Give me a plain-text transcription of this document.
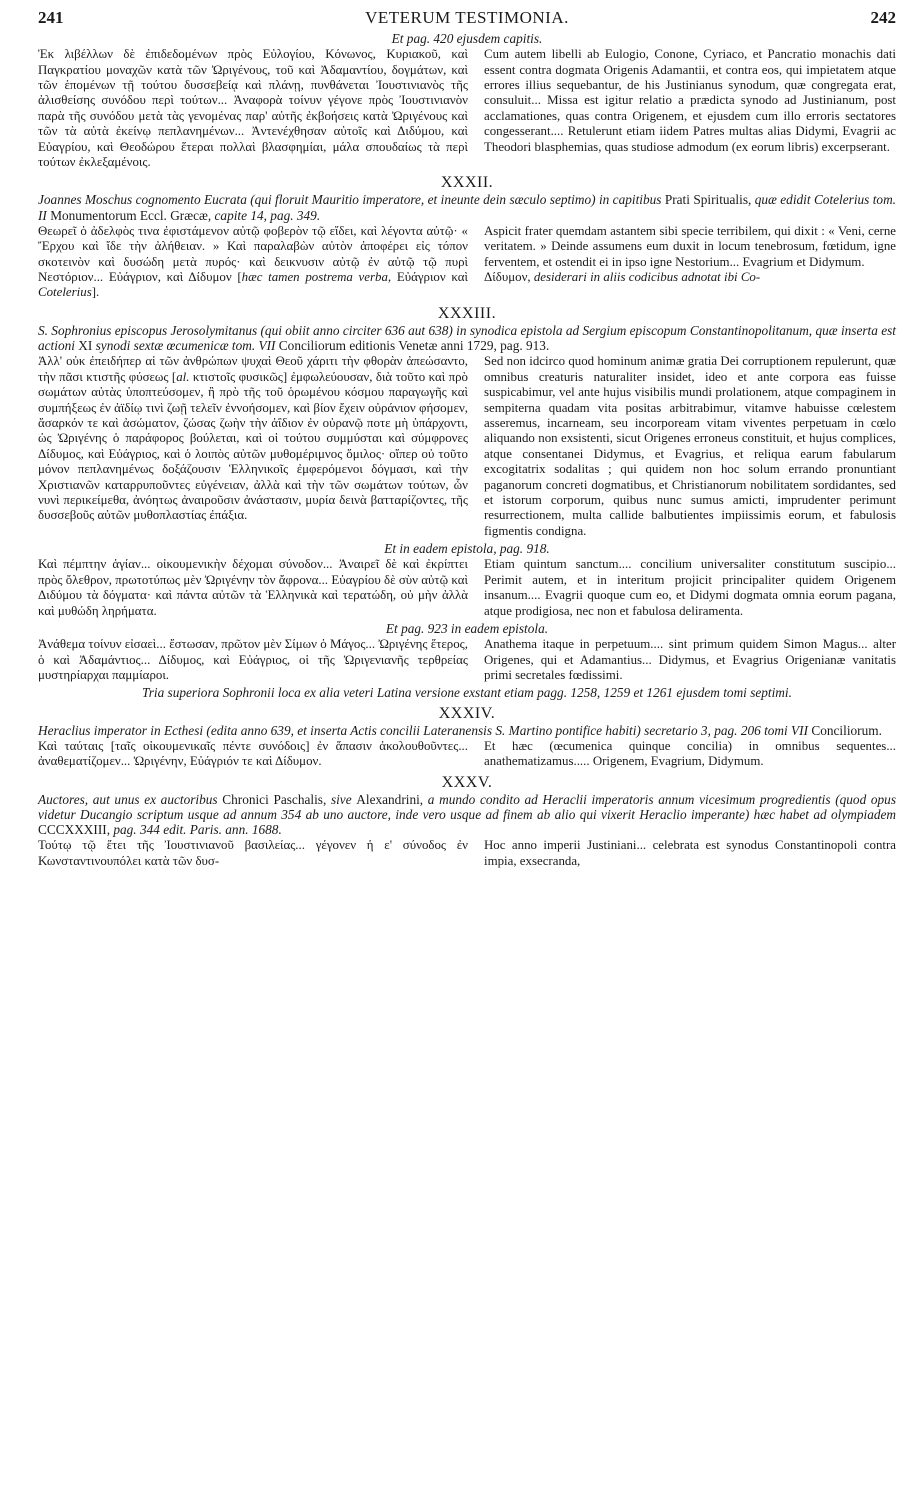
241	VETERUM TESTIMONIA.	242

Et pag. 420 ejusdem capitis.

Ἐκ λιβέλλων δὲ ἐπιδεδομένων πρὸς Εὐλογίου, Κόνωνος, Κυριακοῦ, καὶ Παγκρατίου μοναχῶν κατὰ τῶν Ὠριγένους, τοῦ καὶ Ἀδαμαντίου, δογμάτων, καὶ τῶν ἑπομένων τῇ τούτου δυσσεβείᾳ καὶ πλάνῃ, πυνθάνεται Ἰουστινιανὸς τῆς ἀλισθείσης συνόδου περὶ τούτων... Ἀναφορὰ τοίνυν γέγονε πρὸς Ἰουστινιανὸν παρὰ τῆς συνόδου μετὰ τὰς γενομένας παρ' αὐτῆς ἐκβοήσεις κατὰ Ὠριγένους καὶ τῶν τὰ αὐτὰ ἐκείνῳ πεπλανημένων... Ἀντενέχθησαν αὐτοῖς καὶ Διδύμου, καὶ Εὐαγρίου, καὶ Θεοδώρου ἕτεραι πολλαὶ βλασφημίαι, μάλα σπουδαίως τὰ περὶ τούτων ἐκλεξαμένοις.
Cum autem libelli ab Eulogio, Conone, Cyriaco, et Pancratio monachis dati essent contra dogmata Origenis Adamantii, et contra eos, qui impietatem atque errores illius sequebantur, de his Justinianus synodum, quæ congregata erat, consuluit... Missa est igitur relatio a prædicta synodo ad Justinianum, post acclamationes, quas contra Origenem, et ejusdem cum illo erroris sectatores congesserant.... Retulerunt etiam iidem Patres multas alias Didymi, Evagrii ac Theodori blasphemias, quas studiose admodum (ex eorum libris) excerpserant.
XXXII.

Joannes Moschus cognomento Eucrata (qui floruit Mauritio imperatore, et ineunte dein sæculo septimo) in capitibus Prati Spiritualis, quæ edidit Cotelerius tom. II Monumentorum Eccl. Græcæ, capite 14, pag. 349.

Θεωρεῖ ὁ ἀδελφὸς τινα ἐφιστάμενον αὐτῷ φοβερὸν τῷ εἴδει, καὶ λέγοντα αὐτῷ· « Ἔρχου καὶ ἴδε τὴν ἀλήθειαν. » Καὶ παραλαβὼν αὐτὸν ἀποφέρει εἰς τόπον σκοτεινὸν καὶ δυσώδη μετὰ πυρός· καὶ δεικνυσιν αὐτῷ ἐν αὐτῷ τῷ πυρὶ Νεστόριον... Εὐάγριον, καὶ Δίδυμον [hæc tamen postrema verba, Εὐάγριον καὶ Cotelerius].
Aspicit frater quemdam astantem sibi specie terribilem, qui dixit : « Veni, cerne veritatem. » Deinde assumens eum duxit in locum tenebrosum, fœtidum, igne ferventem, et ostendit ei in ipso igne Nestorium... Evagrium et Didymum.
Δίδυμον, desiderari in aliis codicibus adnotat ibi Co-
XXXIII.

S. Sophronius episcopus Jerosolymitanus (qui obiit anno circiter 636 aut 638) in synodica epistola ad Sergium episcopum Constantinopolitanum, quæ inserta est actioni XI synodi sextæ œcumenicæ tom. VII Conciliorum editionis Venetæ anni 1729, pag. 913.

Ἀλλ' οὐκ ἐπειδήπερ αἱ τῶν ἀνθρώπων ψυχαὶ Θεοῦ χάριτι τὴν φθορὰν ἀπεώσαντο, τὴν πᾶσι κτιστῆς φύσεως [al. κτιστοῖς φυσικῶς] ἐμφωλεύουσαν, διὰ τοῦτο καὶ πρὸ σωμάτων αὐτὰς ὑποπτεύσομεν, ἢ πρὸ τῆς τοῦ ὁρωμένου κόσμου παραγωγῆς καὶ συμπήξεως ἐν ἀϊδίῳ τινὶ ζωῇ τελεῖν ἐννοήσομεν, καὶ βίον ἔχειν οὐράνιον φήσομεν, ἄσαρκόν τε καὶ ἀσώματον, ζώσας ζωὴν τὴν ἀΐδιον ἐν οὐρανῷ ποτε μὴ ὑπάρχοντι, ὡς Ὠριγένης ὁ παράφορος βούλεται, καὶ οἱ τούτου συμμύσται καὶ σύμφρονες Δίδυμος, καὶ Εὐάγριος, καὶ ὁ λοιπὸς αὐτῶν μυθομέριμνος ὅμιλος· οἵπερ οὐ τοῦτο μόνον πεπλανημένως δοξάζουσιν Ἑλληνικοῖς ἐμφερόμενοι δόγμασι, καὶ τὴν Χριστιανῶν καταρρυποῦντες εὐγένειαν, ἀλλὰ καὶ τὴν τῶν σωμάτων τούτων, ὧν νυνὶ περικείμεθα, ἀνόητως ἀναιροῦσιν ἀνάστασιν, μυρία δεινὰ βατταρίζοντες, τῆς δυσσεβοῦς αὐτῶν μυθοπλαστίας ἐπάξια.
Sed non idcirco quod hominum animæ gratia Dei corruptionem repulerunt, quæ omnibus creaturis naturaliter insidet, ideo et ante corpora eas fuisse suspicabimur, vel ante hujus visibilis mundi prolationem, atque compaginem in sempiterna quadam vita positas arbitrabimur, vitamve habuisse cœlestem asseremus, incarneam, seu incorpoream vitam viventes perpetuam in cœlo aliquando non exsistenti, sicut Origenes erroneus constituit, et hujus complices, atque consentanei Didymus, et Evagrius, et reliqua earum fabularum excogitatrix sodalitas ; qui quidem non hoc solum errando pronuntiant paganorum concreti dogmatibus, et Christianorum nobilitatem sordidantes, sed et istorum corporum, quibus nunc sumus amicti, imprudenter perimunt resurrectionem, multa callide balbutientes impiissimis eorum, et fabulosis figmentis condigna.

Et in eadem epistola, pag. 918.

Καὶ πέμπτην ἁγίαν... οἰκουμενικὴν δέχομαι σύνοδον... Ἀναιρεῖ δὲ καὶ ἐκρίπτει πρὸς ὄλεθρον, πρωτοτύπως μὲν Ὠριγένην τὸν ἄφρονα... Εὐαγρίου δὲ σὺν αὐτῷ καὶ Διδύμου τὰ δόγματα· καὶ πάντα αὐτῶν τὰ Ἑλληνικὰ καὶ τερατώδη, οὐ μὴν ἀλλὰ καὶ μυθώδη ληρήματα.
Etiam quintum sanctum.... concilium universaliter constitutum suscipio... Perimit autem, et in interitum projicit principaliter quidem Origenem insanum.... Evagrii quoque cum eo, et Didymi dogmata omnia eorum pagana, atque prodigiosa, nec non et fabulosa deliramenta.

Et pag. 923 in eadem epistola.

Ἀνάθεμα τοίνυν εἰσαεὶ... ἔστωσαν, πρῶτον μὲν Σίμων ὁ Μάγος... Ὠριγένης ἕτερος, ὁ καὶ Ἀδαμάντιος... Δίδυμος, καὶ Εὐάγριος, οἱ τῆς Ὠριγενιανῆς τερθρείας μυστηρίαρχαι παμμίαροι.
Anathema itaque in perpetuum.... sint primum quidem Simon Magus... alter Origenes, qui et Adamantius... Didymus, et Evagrius Origenianæ vanitatis primi secretales fœdissimi.

Tria superiora Sophronii loca ex alia veteri Latina versione exstant etiam pagg. 1258, 1259 et 1261 ejusdem tomi septimi.

XXXIV.

Heraclius imperator in Ecthesi (edita anno 639, et inserta Actis concilii Lateranensis S. Martino pontifice habiti) secretario 3, pag. 206 tomi VII Conciliorum.

Καὶ ταύταις [ταῖς οἰκουμενικαῖς πέντε συνόδοις] ἐν ἅπασιν ἀκολουθοῦντες... ἀναθεματίζομεν... Ὠριγένην, Εὐάγριόν τε καὶ Δίδυμον.
Et hæc (œcumenica quinque concilia) in omnibus sequentes... anathematizamus..... Origenem, Evagrium, Didymum.
XXXV.

Auctores, aut unus ex auctoribus Chronici Paschalis, sive Alexandrini, a mundo condito ad Heraclii imperatoris annum vicesimum progredientis (quod opus videtur Ducangio scriptum usque ad annum 354 ab uno auctore, inde vero usque ad finem ab alio qui vixerit Heraclio imperante) hæc habet ad olympiadem CCCXXXIII, pag. 344 edit. Paris. ann. 1688.

Τούτῳ τῷ ἔτει τῆς Ἰουστινιανοῦ βασιλείας... γέγονεν ἡ ε' σύνοδος ἐν Κωνσταντινουπόλει κατὰ τῶν δυσ-
Hoc anno imperii Justiniani... celebrata est synodus Constantinopoli contra impia, exsecranda,
